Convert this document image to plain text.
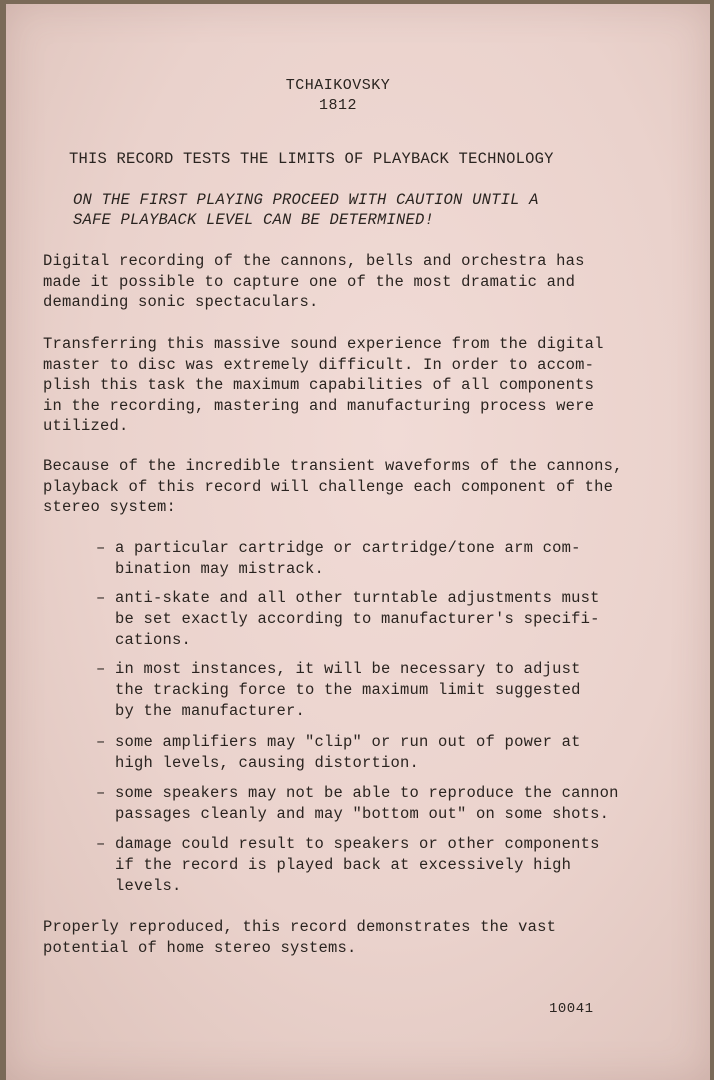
TCHAIKOVSKY
1812
THIS RECORD TESTS THE LIMITS OF PLAYBACK TECHNOLOGY
ON THE FIRST PLAYING PROCEED WITH CAUTION UNTIL A
SAFE PLAYBACK LEVEL CAN BE DETERMINED!
Digital recording of the cannons, bells and orchestra has
made it possible to capture one of the most dramatic and
demanding sonic spectaculars.
Transferring this massive sound experience from the digital
master to disc was extremely difficult. In order to accom-
plish this task the maximum capabilities of all components
in the recording, mastering and manufacturing process were
utilized.
Because of the incredible transient waveforms of the cannons,
playback of this record will challenge each component of the
stereo system:
– a particular cartridge or cartridge/tone arm com-
bination may mistrack.
– anti-skate and all other turntable adjustments must
be set exactly according to manufacturer's specifi-
cations.
– in most instances, it will be necessary to adjust
the tracking force to the maximum limit suggested
by the manufacturer.
– some amplifiers may "clip" or run out of power at
high levels, causing distortion.
– some speakers may not be able to reproduce the cannon
passages cleanly and may "bottom out" on some shots.
– damage could result to speakers or other components
if the record is played back at excessively high
levels.
Properly reproduced, this record demonstrates the vast
potential of home stereo systems.
10041
